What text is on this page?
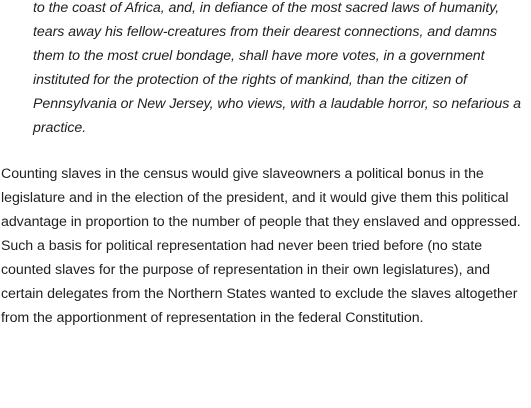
to the coast of Africa, and, in defiance of the most sacred laws of humanity, tears away his fellow-creatures from their dearest connections, and damns them to the most cruel bondage, shall have more votes, in a government instituted for the protection of the rights of mankind, than the citizen of Pennsylvania or New Jersey, who views, with a laudable horror, so nefarious a practice.

Counting slaves in the census would give slaveowners a political bonus in the legislature and in the election of the president, and it would give them this political advantage in proportion to the number of people that they enslaved and oppressed. Such a basis for political representation had never been tried before (no state counted slaves for the purpose of representation in their own legislatures), and certain delegates from the Northern States wanted to exclude the slaves altogether from the apportionment of representation in the federal Constitution.
